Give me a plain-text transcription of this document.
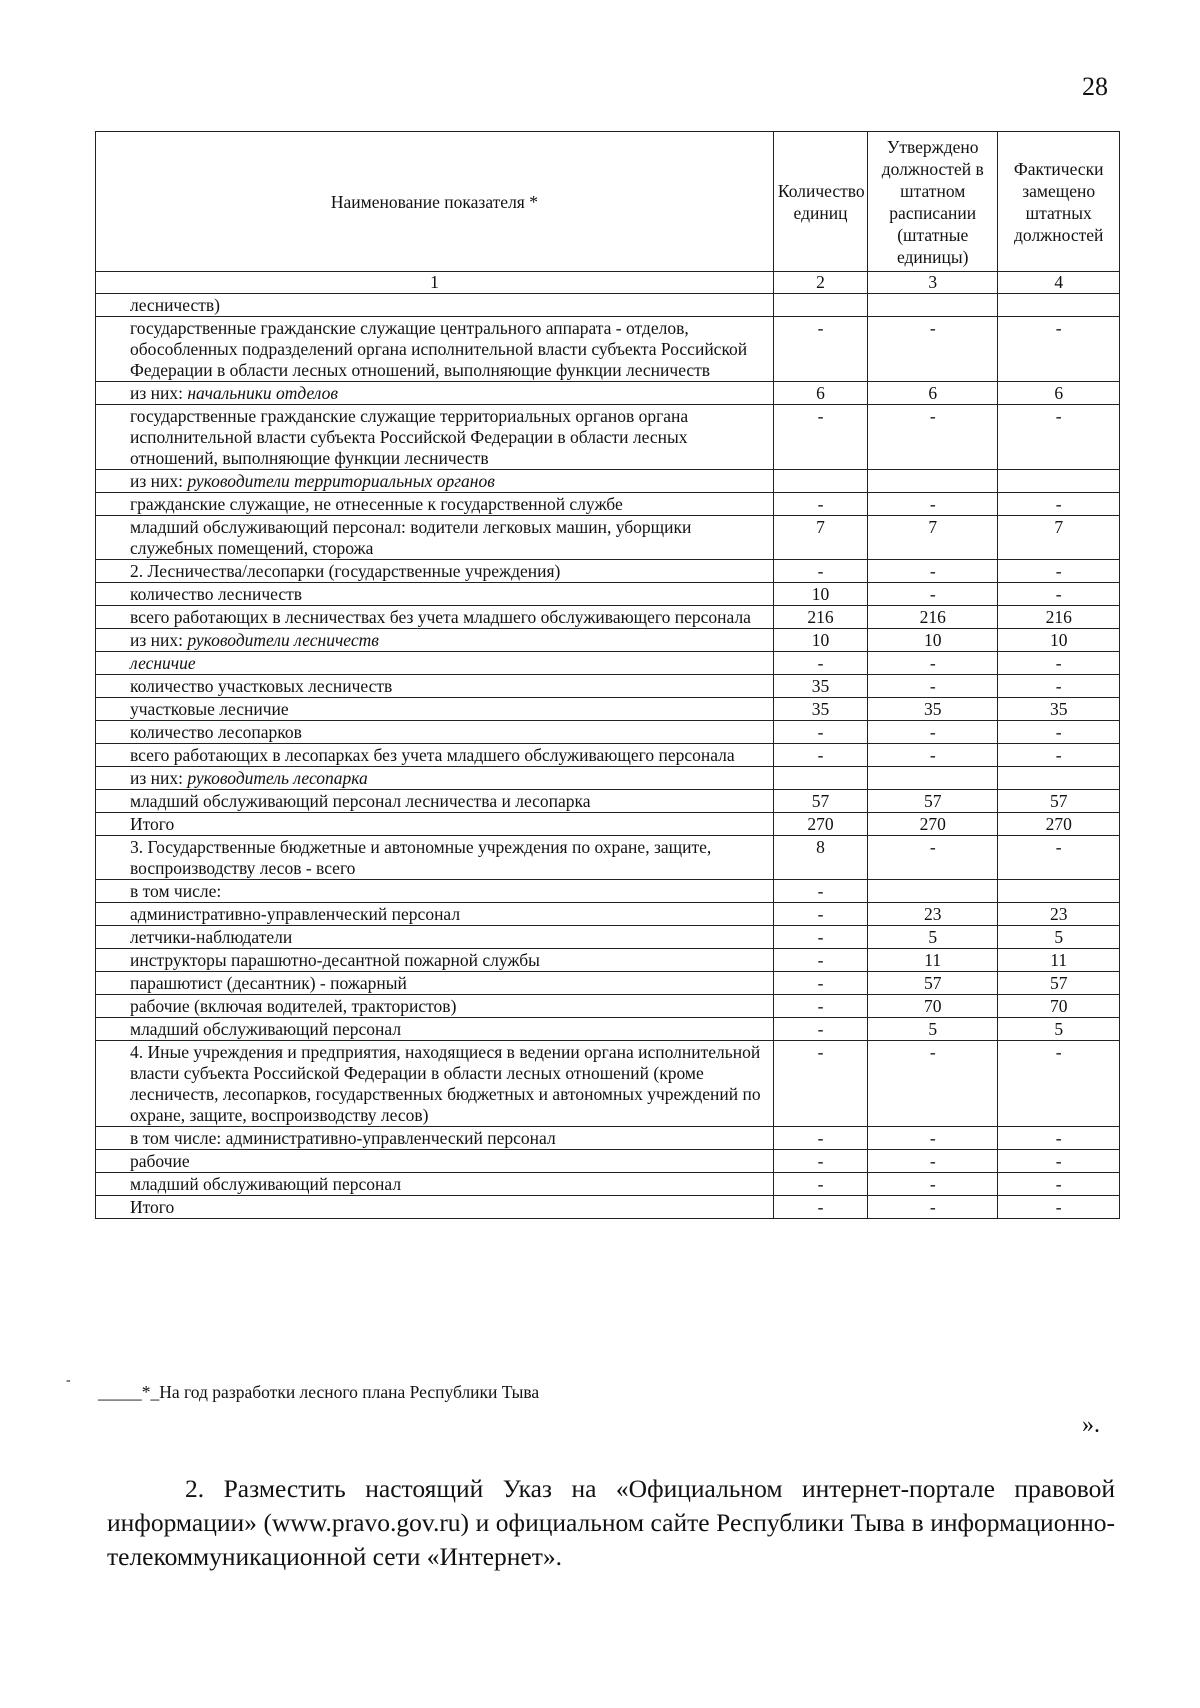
28
Наименование показателя *	Количество единиц	Утверждено должностей в штатном расписании (штатные единицы)	Фактически замещено штатных должностей
1	2	3	4
лесничеств)			
государственные гражданские служащие центрального аппарата - отделов, обособленных подразделений органа исполнительной власти субъекта Российской Федерации в области лесных отношений, выполняющие функции лесничеств	-	-	-
из них: начальники отделов	6	6	6
государственные гражданские служащие территориальных органов органа исполнительной власти субъекта Российской Федерации в области лесных отношений, выполняющие функции лесничеств	-	-	-
из них: руководители территориальных органов			
гражданские служащие, не отнесенные к государственной службе	-	-	-
младший обслуживающий персонал: водители легковых машин, уборщики служебных помещений, сторожа	7	7	7
2. Лесничества/лесопарки (государственные учреждения)	-	-	-
количество лесничеств	10	-	-
всего работающих в лесничествах без учета младшего обслуживающего персонала	216	216	216
из них: руководители лесничеств	10	10	10
лесничие	-	-	-
количество участковых лесничеств	35	-	-
участковые лесничие	35	35	35
количество лесопарков	-	-	-
всего работающих в лесопарках без учета младшего обслуживающего персонала	-	-	-
из них: руководитель лесопарка			
младший обслуживающий персонал лесничества и лесопарка	57	57	57
Итого	270	270	270
3. Государственные бюджетные и автономные учреждения по охране, защите, воспроизводству лесов - всего	8	-	-
в том числе:	-		
административно-управленческий персонал	-	23	23
летчики-наблюдатели	-	5	5
инструкторы парашютно-десантной пожарной службы	-	11	11
парашютист (десантник) - пожарный	-	57	57
рабочие (включая водителей, трактористов)	-	70	70
младший обслуживающий персонал	-	5	5
4. Иные учреждения и предприятия, находящиеся в ведении органа исполнительной власти субъекта Российской Федерации в области лесных отношений (кроме лесничеств, лесопарков, государственных бюджетных и автономных учреждений по охране, защите, воспроизводству лесов)	-	-	-
в том числе: административно-управленческий персонал	-	-	-
рабочие	-	-	-
младший обслуживающий персонал	-	-	-
Итого	-	-	-
-
_____*_На год разработки лесного плана Республики Тыва
».
2. Разместить настоящий Указ на «Официальном интернет-портале правовой информации» (www.pravo.gov.ru) и официальном сайте Республики Тыва в информационно-телекоммуникационной сети «Интернет».
